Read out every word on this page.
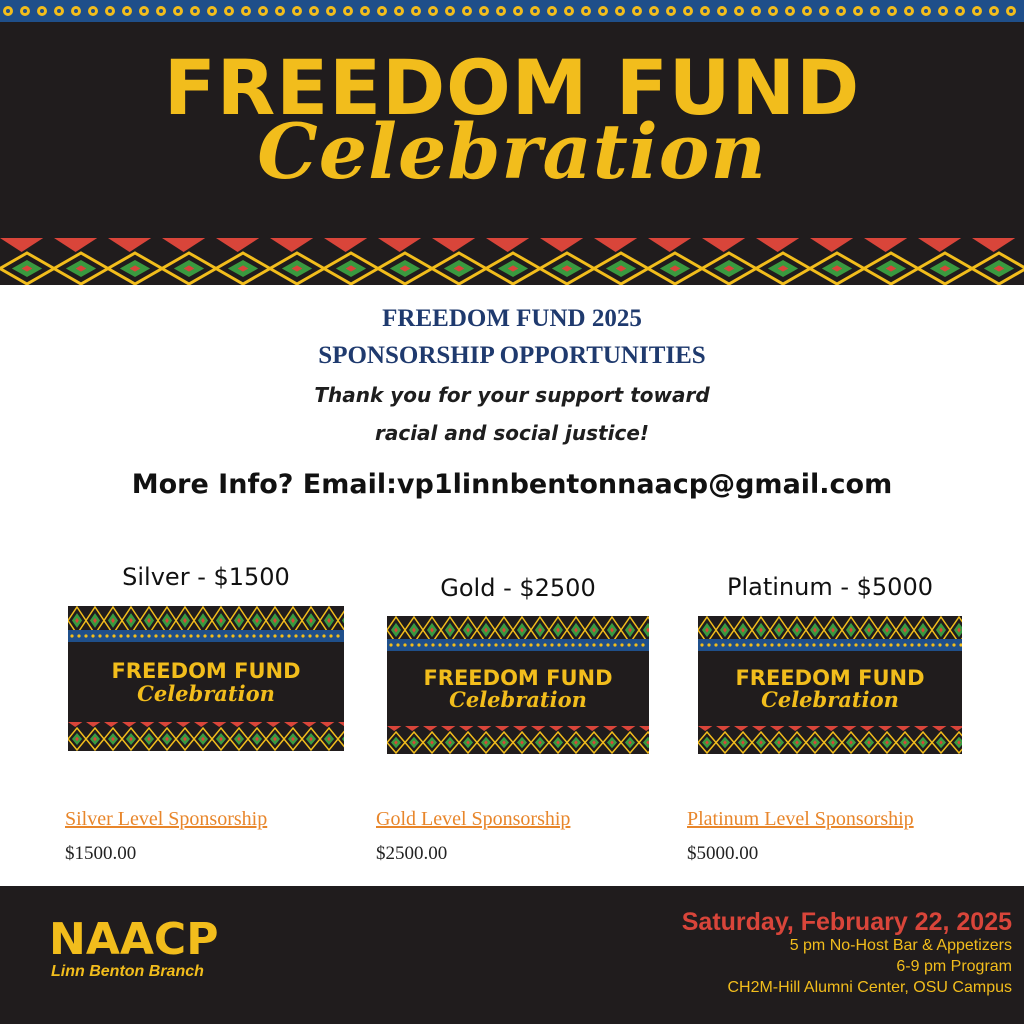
FREEDOM FUND
Celebration
FREEDOM FUND 2025
SPONSORSHIP OPPORTUNITIES
Thank you for your support toward
racial and social justice!
More Info? Email:vp1linnbentonnaacp@gmail.com
Silver - $1500	Gold - $2500	Platinum - $5000
FREEDOM FUND
Celebration
FREEDOM FUND
Celebration
FREEDOM FUND
Celebration
Silver Level Sponsorship	Gold Level Sponsorship	Platinum Level Sponsorship
$1500.00	$2500.00	$5000.00
NAACP
Linn Benton Branch
Saturday, February 22, 2025
5 pm No-Host Bar & Appetizers
6-9 pm Program
CH2M-Hill Alumni Center, OSU Campus
